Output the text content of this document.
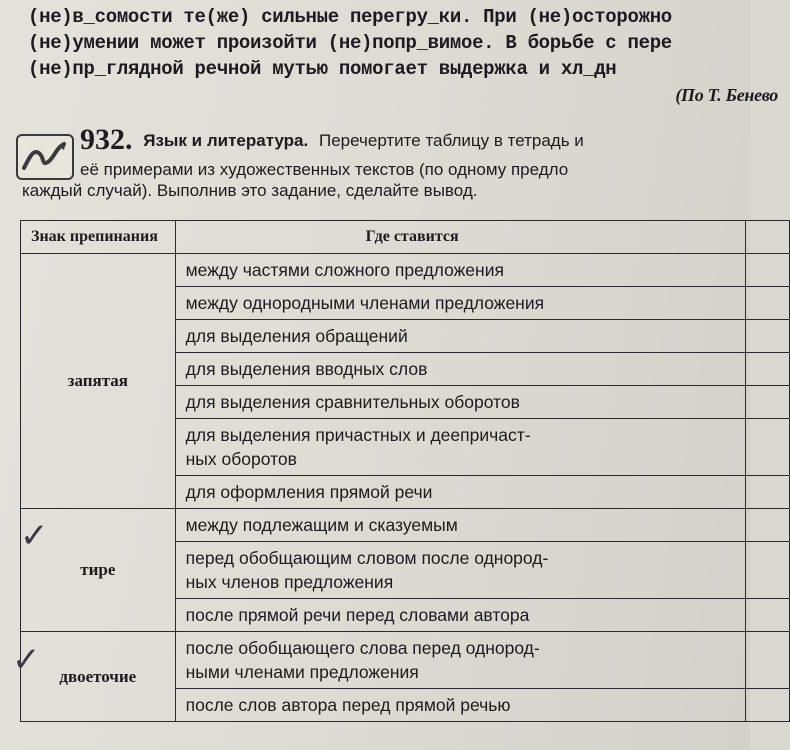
(не)в_сомости те(же) сильные перегру_ки. При (не)осторожно
(не)умении может произойти (не)попр_вимое. В борьбе с пере
(не)пр_глядной речной мутью помогает выдержка и хл_дн
(По Т. Бенево
932. Язык и литература. Перечертите таблицу в тетрадь и
её примерами из художественных текстов (по одному предло
каждый случай). Выполнив это задание, сделайте вывод.
Знак препинания	Где ставится	
запятая	между частями сложного предложения	

	между однородными членами предложения	

	для выделения обращений	

	для выделения вводных слов	

	для выделения сравнительных оборотов	

	для выделения причастных и деепричаст-
ных оборотов	

	для оформления прямой речи	

тире	между подлежащим и сказуемым	

	перед обобщающим словом после однород-
ных членов предложения	

	после прямой речи перед словами автора	

двоеточие	после обобщающего слова перед однород-
ными членами предложения	

	после слов автора перед прямой речью	

✓
✓
